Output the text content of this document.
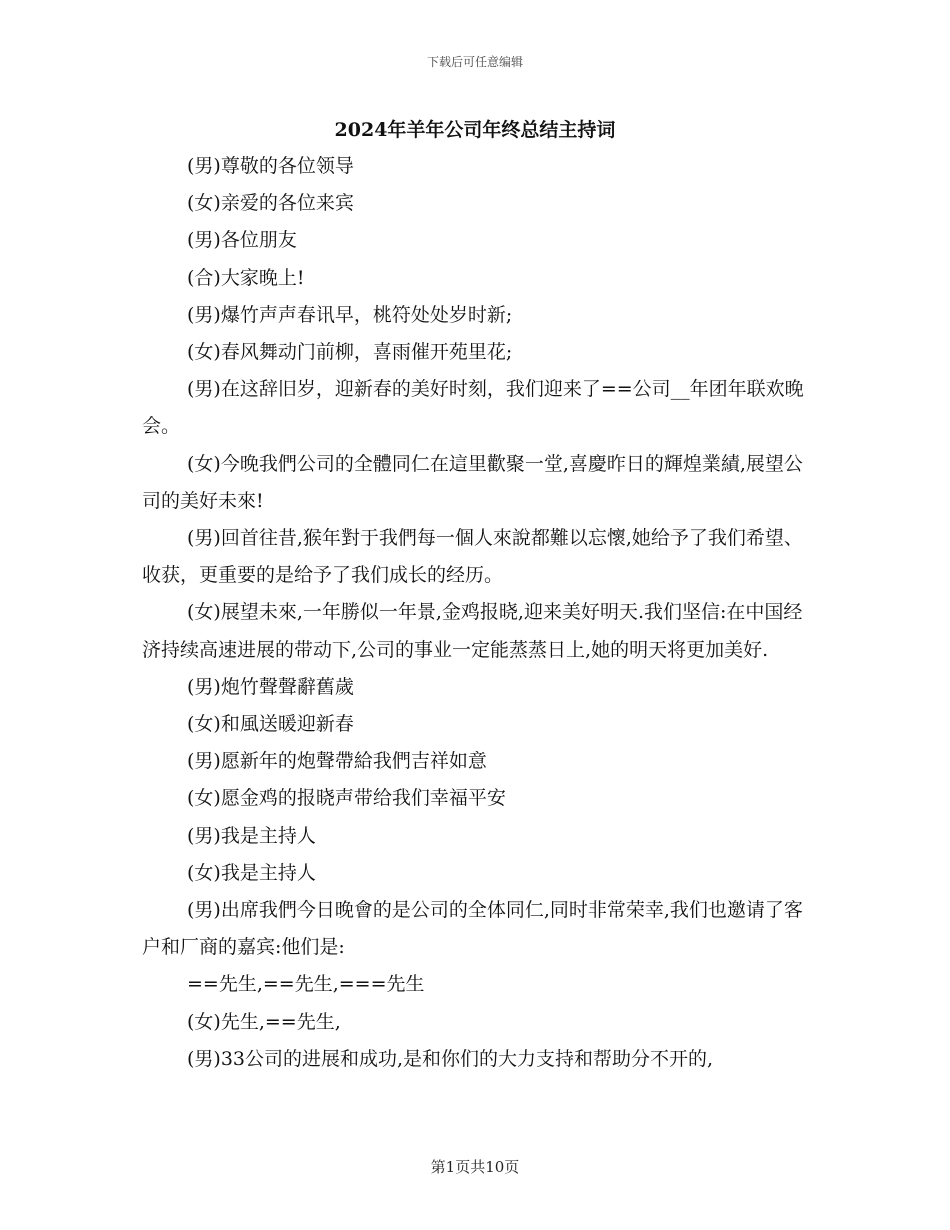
下载后可任意编辑
2024年羊年公司年终总结主持词

(男)尊敬的各位领导

(女)亲爱的各位来宾

(男)各位朋友

(合)大家晚上!

(男)爆竹声声春讯早，桃符处处岁时新;

(女)春风舞动门前柳，喜雨催开苑里花;

(男)在这辞旧岁，迎新春的美好时刻，我们迎来了==公司__年团年联欢晚会。

(女)今晚我們公司的全體同仁在這里歡聚一堂,喜慶昨日的輝煌業績,展望公司的美好未來!

(男)回首往昔,猴年對于我們每一個人來說都難以忘懷,她给予了我们希望、收获，更重要的是给予了我们成长的经历。

(女)展望未來,一年勝似一年景,金鸡报晓,迎来美好明天.我们坚信:在中国经济持续高速进展的带动下,公司的事业一定能蒸蒸日上,她的明天将更加美好.

(男)炮竹聲聲辭舊歲

(女)和風送暖迎新春

(男)愿新年的炮聲帶給我們吉祥如意

(女)愿金鸡的报晓声带给我们幸福平安

(男)我是主持人

(女)我是主持人

(男)出席我們今日晚會的是公司的全体同仁,同时非常荣幸,我们也邀请了客户和厂商的嘉宾:他们是:

==先生,==先生,===先生

(女)先生,==先生,

(男)33公司的进展和成功,是和你们的大力支持和帮助分不开的,

第1页共10页
